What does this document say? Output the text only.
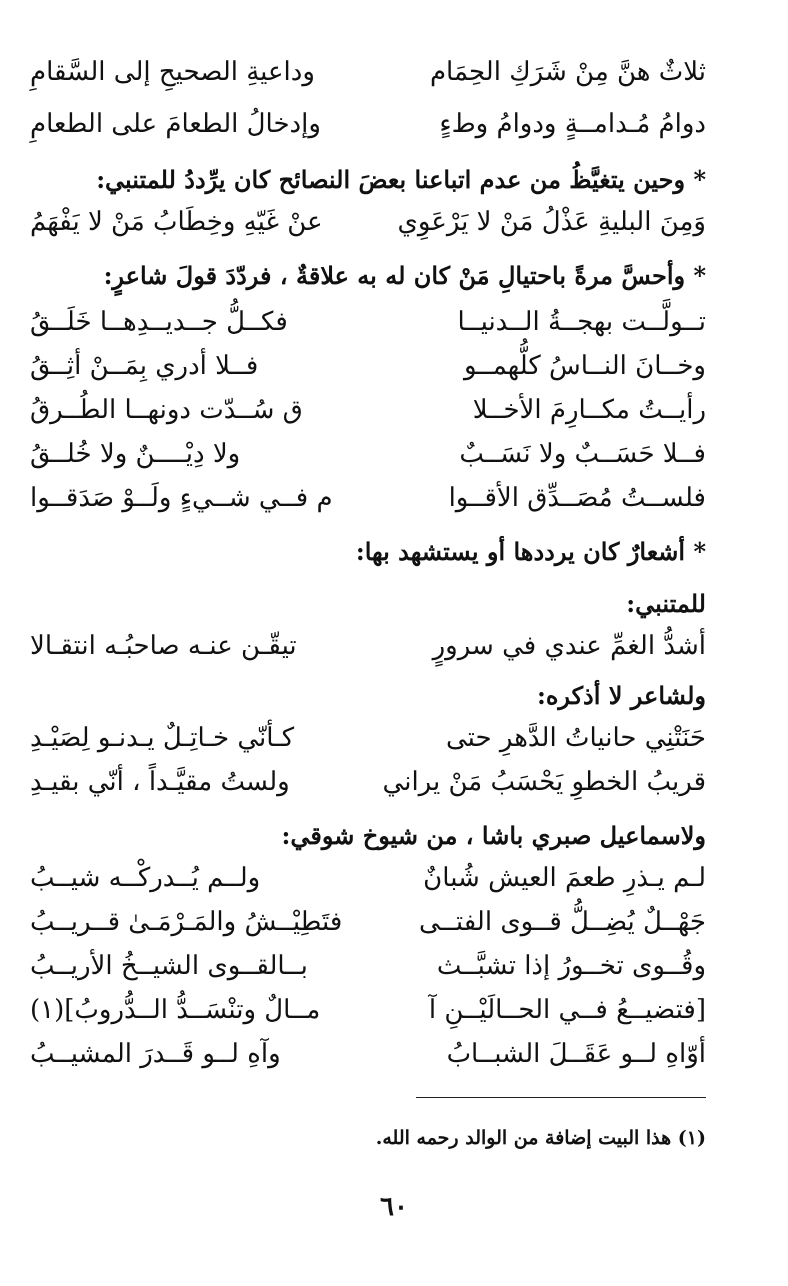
ثلاثٌ هنَّ مِنْ شَرَكِ الحِمَام
وداعيةِ الصحيحِ إلى السَّقامِ
دوامُ مُـدامــةٍ ودوامُ وطءٍ
وإدخالُ الطعامَ على الطعامِ
* وحين يتغيَّظُ من عدم اتباعنا بعضَ النصائح كان يرِّددُ للمتنبي:
وَمِنَ البليةِ عَذْلُ مَنْ لا يَرْعَوِي
عنْ غَيّهِ وخِطَابُ مَنْ لا يَفْهَمُ
* وأحسَّ مرةً باحتيالِ مَنْ كان له به علاقةٌ ، فردّدَ قولَ شاعرٍ:
تــولَّــت بهجــةُ الــدنيــا
فكــلُّ جــديــدِهــا خَلَــقُ
وخــانَ النــاسُ كلُّهمــو
فــلا أدري بِمَــنْ أثِــقُ
رأيــتُ مكــارِمَ الأخــلا
ق سُــدّت دونهــا الطُــرقُ
فــلا حَسَــبٌ ولا نَسَــبٌ
ولا دِيْــــنٌ ولا خُلــقُ
فلســتُ مُصَــدِّق الأقــوا
م فــي شــيءٍ ولَــوْ صَدَقــوا
* أشعارٌ كان يرددها أو يستشهد بها:
للمتنبي:
أشدُّ الغمِّ عندي في سرورٍ
تيقّـن عنـه صاحبُـه انتقـالا
ولشاعر لا أذكره:
حَنَتْنِي حانياتُ الدَّهرِ حتى
كـأنّي خـاتِـلٌ يـدنـو لِصَيْـدِ
قريبُ الخطوِ يَحْسَبُ مَنْ يراني
ولستُ مقيَّـداً ، أنّي بقيـدِ
ولاسماعيل صبري باشا ، من شيوخ شوقي:
لـم يـذرِ طعمَ العيش شُبانٌ
ولــم يُــدركْــه شيــبُ
جَهْــلٌ يُضِــلُّ قــوى الفتــى
فتَطِيْــشُ والمَـرْمَـىٰ قــريــبُ
وقُــوى تخــورُ إذا تشبَّــث
بــالقــوى الشيــخُ الأريــبُ
[فتضيــعُ فــي الحــالَيْــنِ آ
مــالٌ وتنْسَــدُّ الــدُّروبُ](١)
أوّاهِ لــو عَقَــلَ الشبــابُ
وآهِ لــو قَــدرَ المشيــبُ
(١) هذا البيت إضافة من الوالد رحمه الله.
٦٠
